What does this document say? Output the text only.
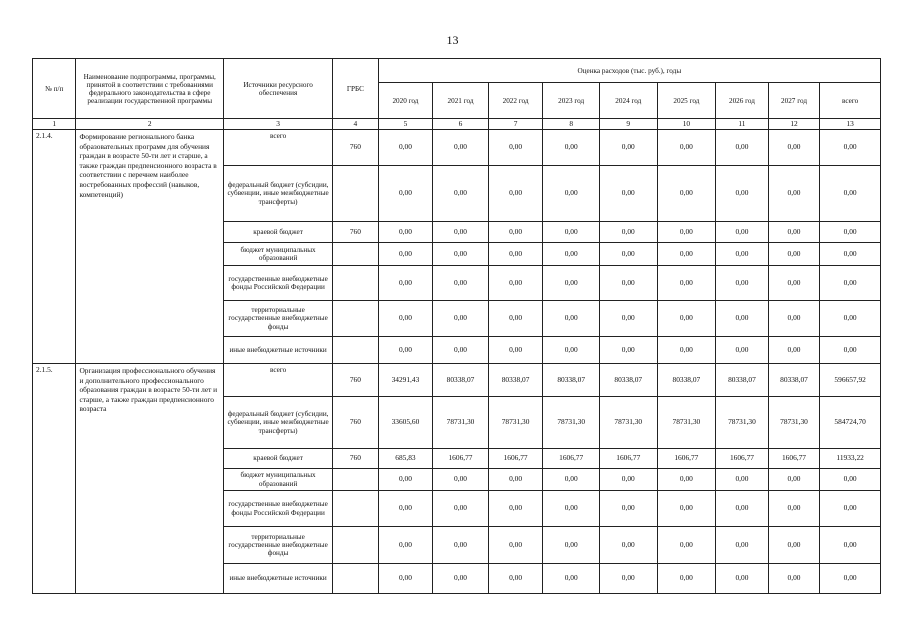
13
№ п/п	Наименование подпрограммы, программы, принятой в соответствии с требованиями федерального законодательства в сфере реализации государственной программы	Источники ресурсного обеспечения	ГРБС	Оценка расходов (тыс. руб.), годы								
				2020 год	2021 год	2022 год	2023 год	2024 год	2025 год	2026 год	2027 год	всего
1	2	3	4	5	6	7	8	9	10	11	12	13
2.1.4.	Формирование регионального банка образовательных программ для обучения граждан в возрасте 50-ти лет и старше, а также граждан предпенсионного возраста в соответствии с перечнем наиболее востребованных профессий (навыков, компетенций)	всего	760	0,00	0,00	0,00	0,00	0,00	0,00	0,00	0,00	0,00
		федеральный бюджет (субсидии, субвенции, иные межбюджетные трансферты)		0,00	0,00	0,00	0,00	0,00	0,00	0,00	0,00	0,00
		краевой бюджет	760	0,00	0,00	0,00	0,00	0,00	0,00	0,00	0,00	0,00
		бюджет муниципальных образований		0,00	0,00	0,00	0,00	0,00	0,00	0,00	0,00	0,00
		государственные внебюджетные фонды Российской Федерации		0,00	0,00	0,00	0,00	0,00	0,00	0,00	0,00	0,00
		территориальные государственные внебюджетные фонды		0,00	0,00	0,00	0,00	0,00	0,00	0,00	0,00	0,00
		иные внебюджетные источники		0,00	0,00	0,00	0,00	0,00	0,00	0,00	0,00	0,00
2.1.5.	Организация профессионального обучения и дополнительного профессионального образования граждан в возрасте 50-ти лет и старше, а также граждан предпенсионного возраста	всего	760	34291,43	80338,07	80338,07	80338,07	80338,07	80338,07	80338,07	80338,07	596657,92
		федеральный бюджет (субсидии, субвенции, иные межбюджетные трансферты)	760	33605,60	78731,30	78731,30	78731,30	78731,30	78731,30	78731,30	78731,30	584724,70
		краевой бюджет	760	685,83	1606,77	1606,77	1606,77	1606,77	1606,77	1606,77	1606,77	11933,22
		бюджет муниципальных образований		0,00	0,00	0,00	0,00	0,00	0,00	0,00	0,00	0,00
		государственные внебюджетные фонды Российской Федерации		0,00	0,00	0,00	0,00	0,00	0,00	0,00	0,00	0,00
		территориальные государственные внебюджетные фонды		0,00	0,00	0,00	0,00	0,00	0,00	0,00	0,00	0,00
		иные внебюджетные источники		0,00	0,00	0,00	0,00	0,00	0,00	0,00	0,00	0,00
